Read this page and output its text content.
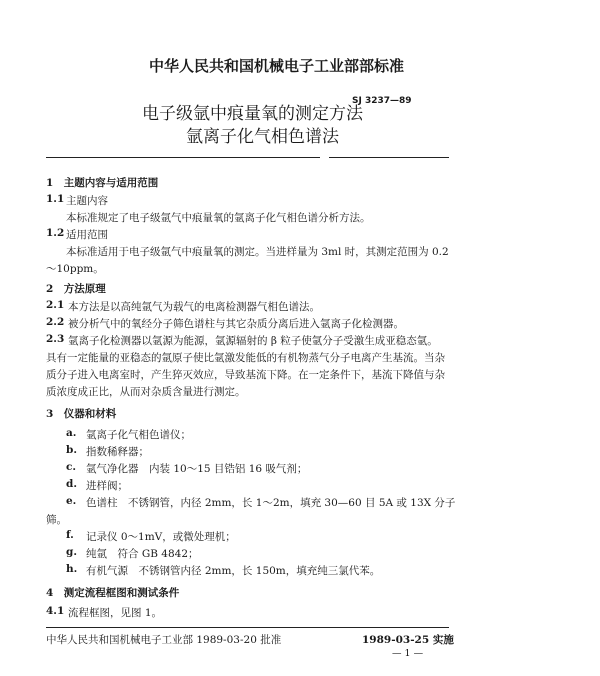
中华人民共和国机械电子工业部部标准
SJ 3237—89
电子级氩中痕量氧的测定方法
氩离子化气相色谱法
1　主题内容与适用范围
1.1 主题内容
本标准规定了电子级氩气中痕量氧的氩离子化气相色谱分析方法。
1.2 适用范围
本标准适用于电子级氩气中痕量氧的测定。当进样量为 3ml 时，其测定范围为 0.2
～10ppm。
2　方法原理
2.1 本方法是以高纯氩气为载气的电离检测器气相色谱法。
2.2 被分析气中的氧经分子筛色谱柱与其它杂质分离后进入氩离子化检测器。
2.3 氩离子化检测器以氩源为能源，氩源辐射的 β 粒子使氩分子受激生成亚稳态氩。
具有一定能量的亚稳态的氩原子使比氩激发能低的有机物蒸气分子电离产生基流。当杂
质分子进入电离室时，产生猝灭效应，导致基流下降。在一定条件下，基流下降值与杂
质浓度成正比，从而对杂质含量进行测定。
3　仪器和材料
a. 氩离子化气相色谱仪；
b. 指数稀释器；
c. 氩气净化器　内装 10～15 目锆铝 16 吸气剂；
d. 进样阀；
e. 色谱柱　不锈钢管，内径 2mm，长 1～2m，填充 30—60 目 5A 或 13X 分子
筛。
f. 记录仪 0～1mV，或微处理机；
g. 纯氩　符合 GB 4842；
h. 有机气源　不锈钢管内径 2mm，长 150m，填充纯三氯代苯。
4　测定流程框图和测试条件
4.1 流程框图，见图 1。
中华人民共和国机械电子工业部 1989-03-20 批准	1989-03-25 实施
— 1 —
